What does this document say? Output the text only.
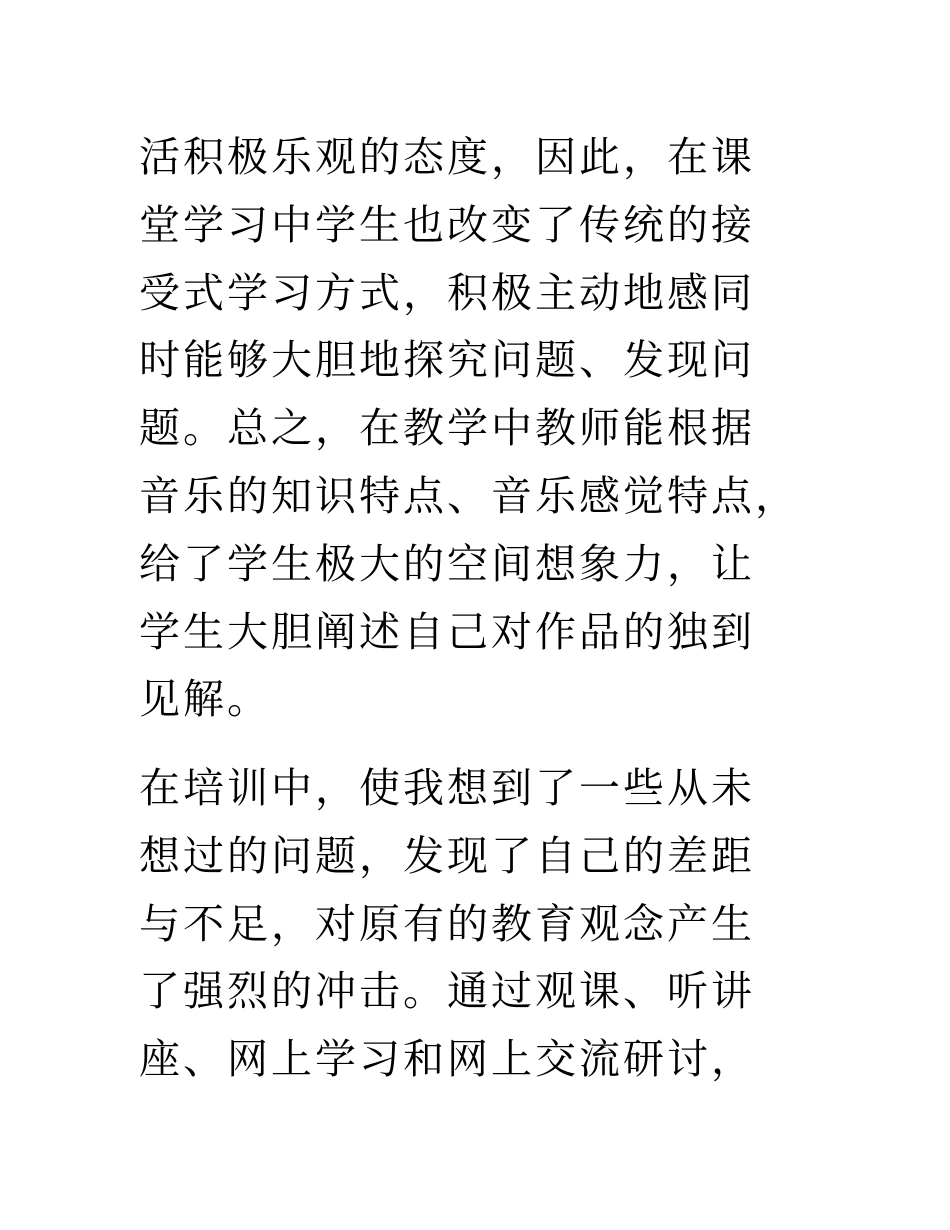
活积极乐观的态度，因此，在课
堂学习中学生也改变了传统的接
受式学习方式，积极主动地感同
时能够大胆地探究问题、发现问
题。总之，在教学中教师能根据
音乐的知识特点、音乐感觉特点，
给了学生极大的空间想象力，让
学生大胆阐述自己对作品的独到
见解。
在培训中，使我想到了一些从未
想过的问题，发现了自己的差距
与不足，对原有的教育观念产生
了强烈的冲击。通过观课、听讲
座、网上学习和网上交流研讨，
